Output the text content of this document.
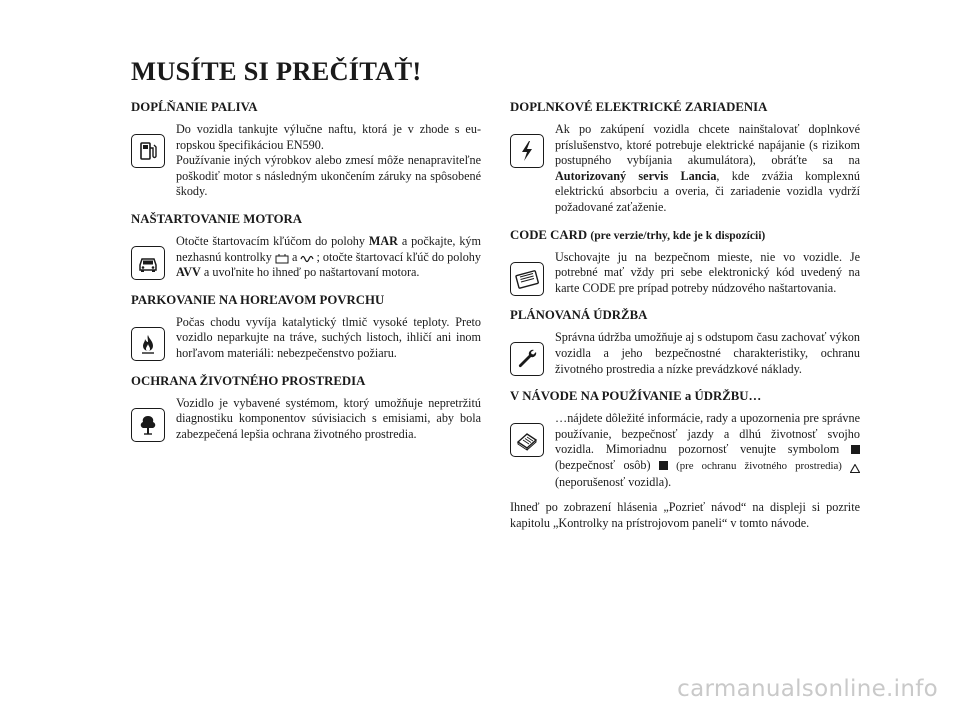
MUSÍTE SI PREČÍTAŤ!
DOPĹŇANIE PALIVA
Do vozidla tankujte výlučne naftu, ktorá je v zhode s eu-ropskou špecifikáciou EN590.
Používanie iných výrobkov alebo zmesí môže nenapraviteľne poškodiť motor s následným ukončením záruky na spôsobené škody.
NAŠTARTOVANIE MOTORA
Otočte štartovacím kľúčom do polohy MAR a počkajte, kým nezhasnú kontrolky  a ; otočte štartovací kľúč do polohy AVV a uvoľnite ho ihneď po naštartovaní motora.
PARKOVANIE NA HORĽAVOM POVRCHU
Počas chodu vyvíja katalytický tlmič vysoké teploty. Preto vozidlo neparkujte na tráve, suchých listoch, ihličí ani inom horľavom materiáli: nebezpečenstvo požiaru.
OCHRANA ŽIVOTNÉHO PROSTREDIA
Vozidlo je vybavené systémom, ktorý umožňuje nepretržitú diagnostiku komponentov súvisiacich s emisiami, aby bola zabezpečená lepšia ochrana životného prostredia.
DOPLNKOVÉ ELEKTRICKÉ ZARIADENIA
Ak po zakúpení vozidla chcete nainštalovať doplnkové príslušenstvo, ktoré potrebuje elektrické napájanie (s rizikom postupného vybíjania akumulátora), obráťte sa na Autorizovaný servis Lancia, kde zvážia komplexnú elektrickú absorbciu a overia, či zariadenie vozidla vydrží požadované zaťaženie.
CODE CARD (pre verzie/trhy, kde je k dispozícii)
Uschovajte ju na bezpečnom mieste, nie vo vozidle. Je potrebné mať vždy pri sebe elektronický kód uvedený na karte CODE pre prípad potreby núdzového naštartovania.
PLÁNOVANÁ ÚDRŽBA
Správna údržba umožňuje aj s odstupom času zachovať výkon vozidla a jeho bezpečnostné charakteristiky, ochranu životného prostredia a nízke prevádzkové náklady.
V NÁVODE NA POUŽÍVANIE a ÚDRŽBU…
…nájdete dôležité informácie, rady a upozornenia pre správne používanie, bezpečnosť jazdy a dlhú životnosť svojho vozidla. Mimoriadnu pozornosť venujte symbolom  (bezpečnosť osôb)  (pre ochranu životného prostredia)  (neporušenosť vozidla).
Ihneď po zobrazení hlásenia „Pozrieť návod“ na displeji si pozrite kapitolu „Kontrolky na prístrojovom paneli“ v tomto návode.
carmanualsonline.info
